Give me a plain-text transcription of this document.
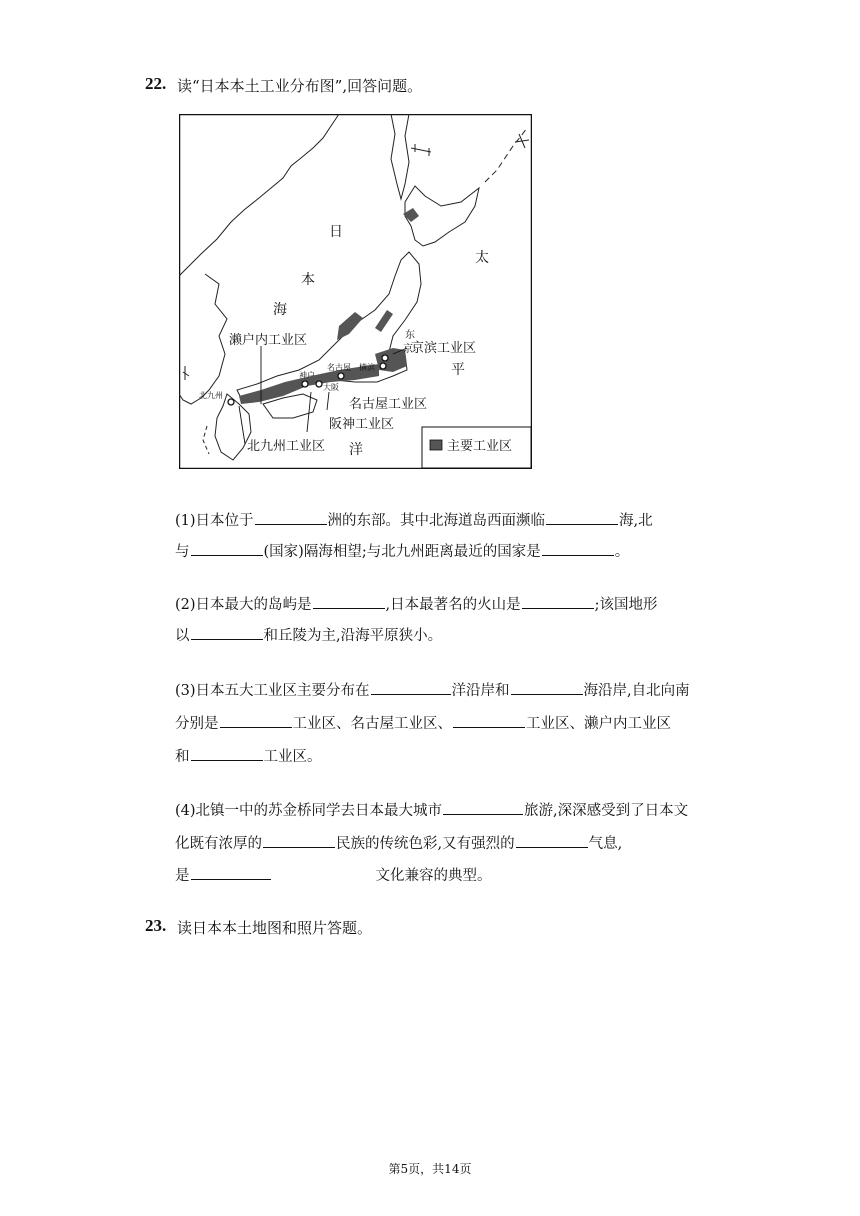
22. 读“日本本土工业分布图”,回答问题。
日
本
海
太
平
洋
濑户内工业区
京滨工业区
名古屋工业区
阪神工业区
北九州工业区
东
京
横滨
名古屋
神户
大阪
北九州
主要工业区
(1)日本位于	洲的东部。其中北海道岛西面濒临	海,北
与	(国家)隔海相望;与北九州距离最近的国家是	。
(2)日本最大的岛屿是	,日本最著名的火山是	;该国地形
以	和丘陵为主,沿海平原狭小。
(3)日本五大工业区主要分布在	洋沿岸和	海沿岸,自北向南
分别是	工业区、名古屋工业区、	工业区、濑户内工业区
和	工业区。
(4)北镇一中的苏金桥同学去日本最大城市	旅游,深深感受到了日本文
化既有浓厚的	民族的传统色彩,又有强烈的	气息,
是	文化兼容的典型。
23. 读日本本土地图和照片答题。
第5页，共14页
